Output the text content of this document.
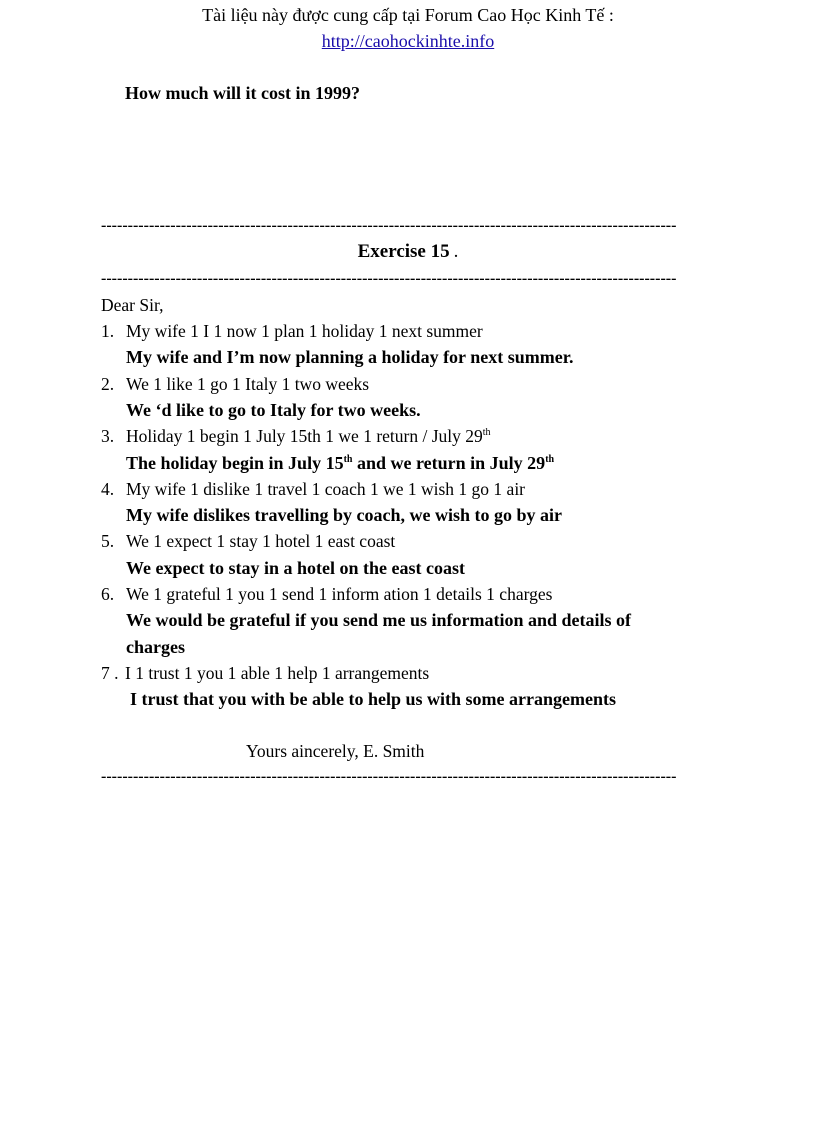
Tài liệu này được cung cấp tại Forum Cao Học Kinh Tế :
http://caohockinhte.info
How much will it cost in 1999?
------------------------------------------------------------------------------------------------------------
Exercise 15 .
------------------------------------------------------------------------------------------------------------
Dear Sir,
1. My wife 1 I 1 now 1 plan 1 holiday 1 next summer
My wife and I’m now planning a holiday for next summer.
2. We 1 like 1 go 1 Italy 1 two weeks
We ‘d like to go to Italy for two weeks.
3. Holiday 1 begin 1 July 15th 1 we 1 return / July 29th
The holiday begin in July 15th and we return in July 29th
4. My wife 1 dislike 1 travel 1 coach 1 we 1 wish 1 go 1 air
My wife dislikes travelling by coach, we wish to go by air
5. We 1 expect 1 stay 1 hotel 1 east coast
We expect to stay in a hotel on the east coast
6. We 1 grateful 1 you 1 send 1 inform ation 1 details 1 charges
We would be grateful if you send me us information and details of
charges
7 . I 1 trust 1 you 1 able 1 help 1 arrangements
I trust that you with be able to help us with some arrangements
Yours aincerely, E. Smith
------------------------------------------------------------------------------------------------------------
